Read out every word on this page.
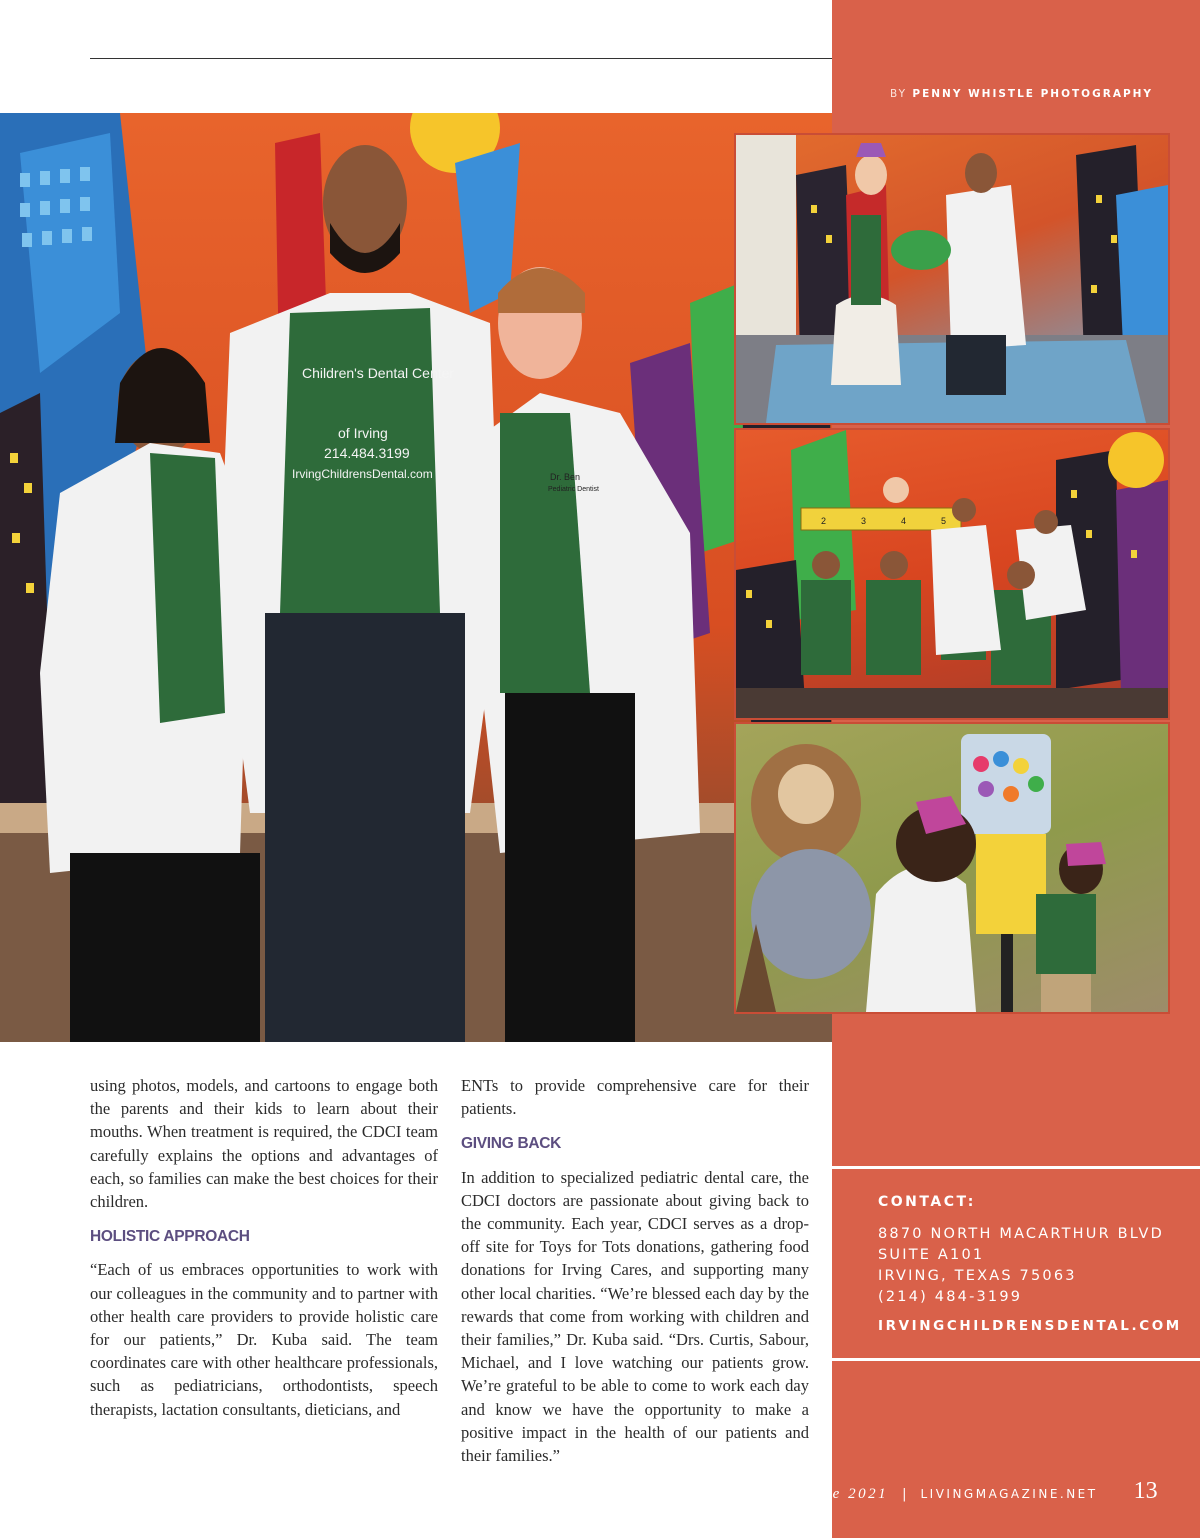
BY PENNY WHISTLE PHOTOGRAPHY
Children's Dental Center
of Irving
214.484.3199
IrvingChildrensDental.com	Dr. Ben
Pediatric Dentist
2	3	4	5

using photos, models, and cartoons to engage both the parents and their kids to learn about their mouths. When treatment is required, the CDCI team carefully explains the options and advantages of each, so families can make the best choices for their children.

HOLISTIC APPROACH

“Each of us embraces opportunities to work with our colleagues in the community and to partner with other health care providers to provide holistic care for our patients,” Dr. Kuba said. The team coordinates care with other healthcare professionals, such as pediatricians, orthodontists, speech therapists, lactation consultants, dieticians, and

ENTs to provide comprehensive care for their patients.

GIVING BACK

In addition to specialized pediatric dental care, the CDCI doctors are passionate about giving back to the community. Each year, CDCI serves as a drop-off site for Toys for Tots donations, gathering food donations for Irving Cares, and supporting many other local charities. “We’re blessed each day by the rewards that come from working with children and their families,” Dr. Kuba said. “Drs. Curtis, Sabour, Michael, and I love watching our patients grow. We’re grateful to be able to come to work each day and know we have the opportunity to make a positive impact in the health of our patients and their families.”

CONTACT:
8870 NORTH MACARTHUR BLVD
SUITE A101
IRVING, TEXAS 75063
(214) 484-3199
IRVINGCHILDRENSDENTAL.COM
june 2021 | LIVINGMAGAZINE.NET 13
